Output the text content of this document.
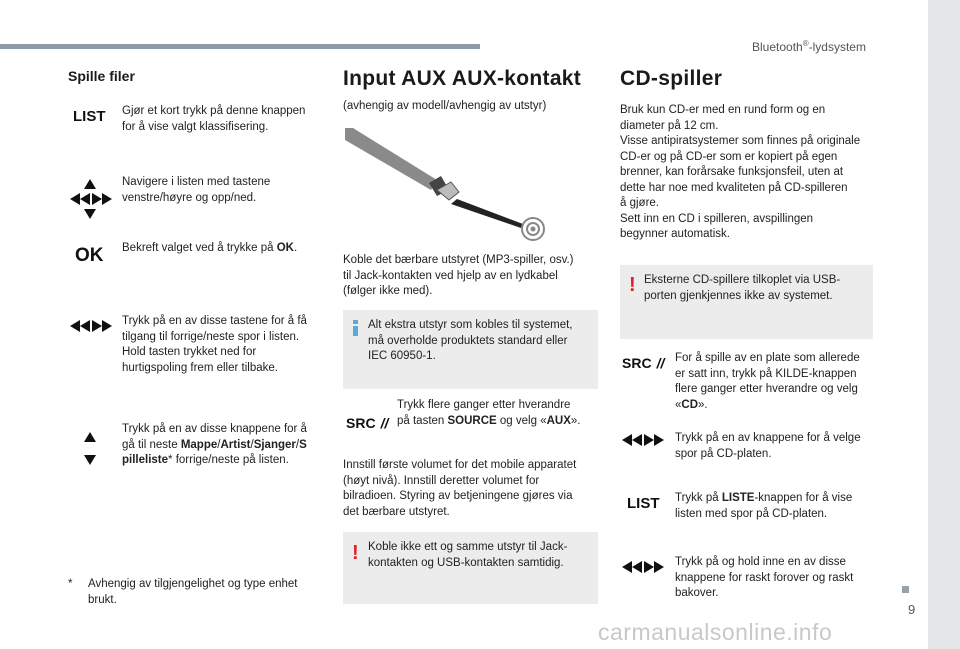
Bluetooth®-lydsystem
9
Spille filer
LIST Gjør et kort trykk på denne knappen
for å vise valgt klassifisering.
Navigere i listen med tastene
venstre/høyre og opp/ned.
OK Bekreft valget ved å trykke på OK.
Trykk på en av disse tastene for å få
tilgang til forrige/neste spor i listen.
Hold tasten trykket ned for
hurtigspoling frem eller tilbake.
Trykk på en av disse knappene for å
gå til neste Mappe/Artist/Sjanger/S
pilleliste* forrige/neste på listen.
* Avhengig av tilgjengelighet og type enhet
brukt.
Input AUX AUX-kontakt
(avhengig av modell/avhengig av utstyr)
Koble det bærbare utstyret (MP3-spiller, osv.)
til Jack-kontakten ved hjelp av en lydkabel
(følger ikke med).
Alt ekstra utstyr som kobles til systemet,
må overholde produktets standard eller
IEC 60950-1.
SRC //
Trykk flere ganger etter hverandre
på tasten SOURCE og velg «AUX».
Innstill første volumet for det mobile apparatet
(høyt nivå). Innstill deretter volumet for
bilradioen. Styring av betjeningene gjøres via
det bærbare utstyret.
! Koble ikke ett og samme utstyr til Jack-
kontakten og USB-kontakten samtidig.
CD-spiller
Bruk kun CD-er med en rund form og en
diameter på 12 cm.
Visse antipiratsystemer som finnes på originale
CD-er og på CD-er som er kopiert på egen
brenner, kan forårsake funksjonsfeil, uten at
dette har noe med kvaliteten på CD-spilleren
å gjøre.
Sett inn en CD i spilleren, avspillingen
begynner automatisk.
! Eksterne CD-spillere tilkoplet via USB-
porten gjenkjennes ikke av systemet.
SRC // For å spille av en plate som allerede
er satt inn, trykk på KILDE-knappen
flere ganger etter hverandre og velg
«CD».
Trykk på en av knappene for å velge
spor på CD-platen.
LIST Trykk på LISTE-knappen for å vise
listen med spor på CD-platen.
Trykk på og hold inne en av disse
knappene for raskt forover og raskt
bakover.
carmanualsonline.info
